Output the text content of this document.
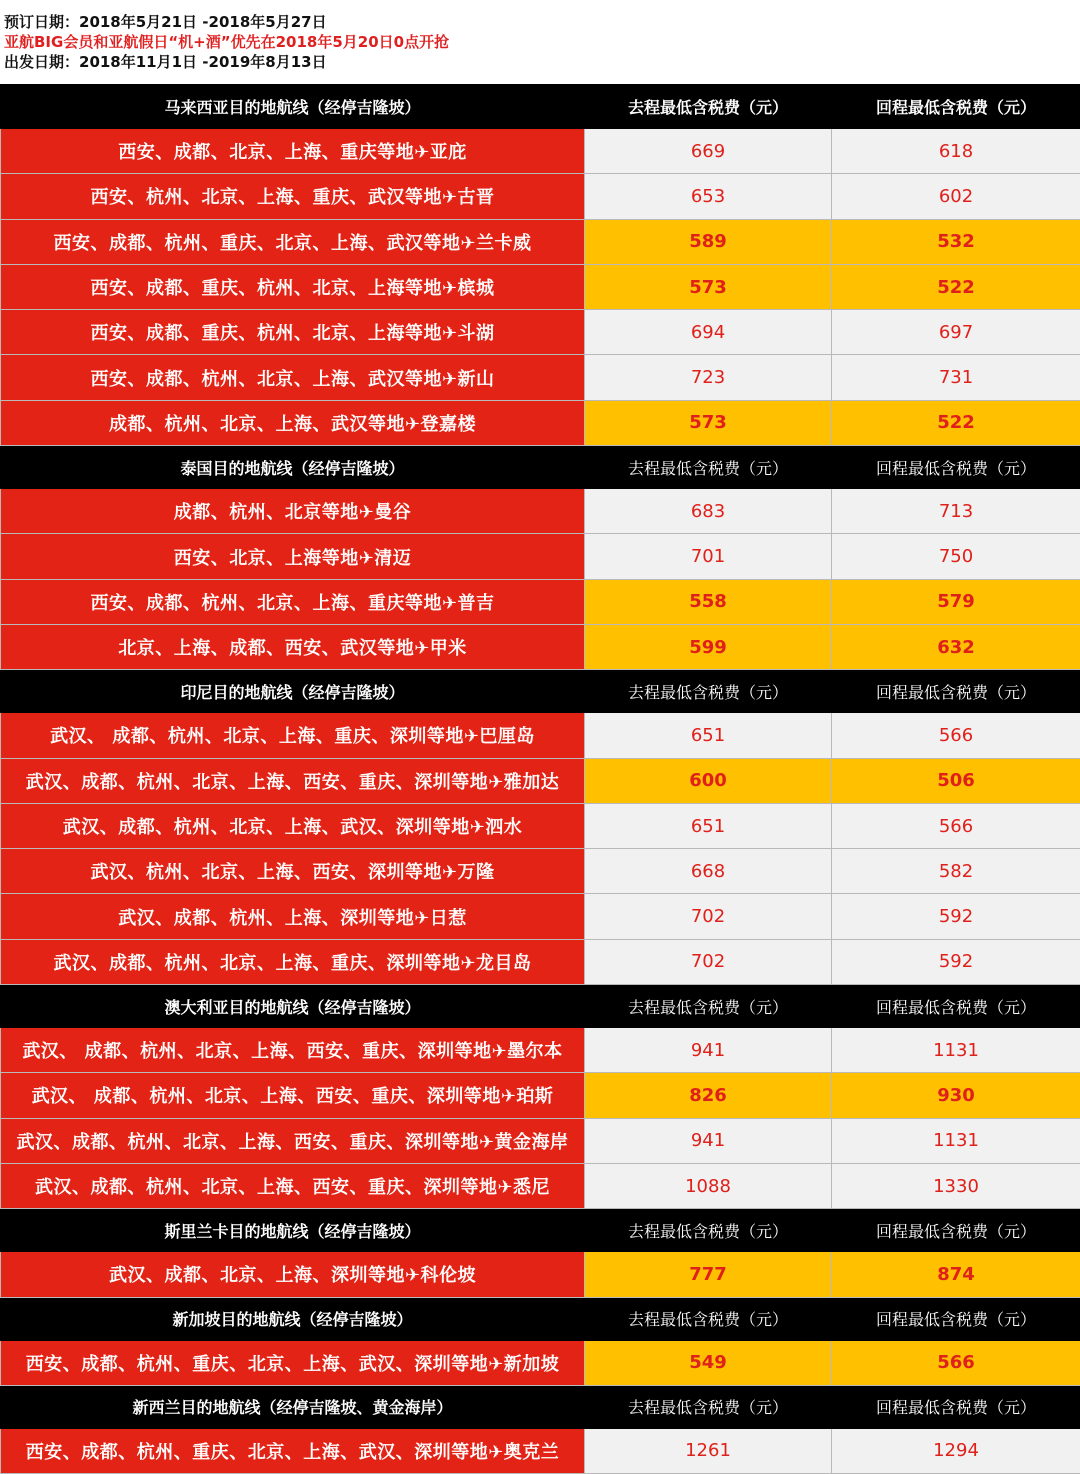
预订日期：2018年5月21日 -2018年5月27日
亚航BIG会员和亚航假日“机+酒”优先在2018年5月20日0点开抢
出发日期：2018年11月1日 -2019年8月13日
马来西亚目的地航线（经停吉隆坡）	去程最低含税费（元）	回程最低含税费（元）
西安、成都、北京、上海、重庆等地✈亚庇	669	618
西安、杭州、北京、上海、重庆、武汉等地✈古晋	653	602
西安、成都、杭州、重庆、北京、上海、武汉等地✈兰卡威	589	532
西安、成都、重庆、杭州、北京、上海等地✈槟城	573	522
西安、成都、重庆、杭州、北京、上海等地✈斗湖	694	697
西安、成都、杭州、北京、上海、武汉等地✈新山	723	731
成都、杭州、北京、上海、武汉等地✈登嘉楼	573	522
泰国目的地航线（经停吉隆坡）	去程最低含税费（元）	回程最低含税费（元）
成都、杭州、北京等地✈曼谷	683	713
西安、北京、上海等地✈清迈	701	750
西安、成都、杭州、北京、上海、重庆等地✈普吉	558	579
北京、上海、成都、西安、武汉等地✈甲米	599	632
印尼目的地航线（经停吉隆坡）	去程最低含税费（元）	回程最低含税费（元）
武汉、 成都、杭州、北京、上海、重庆、深圳等地✈巴厘岛	651	566
武汉、成都、杭州、北京、上海、西安、重庆、深圳等地✈雅加达	600	506
武汉、成都、杭州、北京、上海、武汉、深圳等地✈泗水	651	566
武汉、杭州、北京、上海、西安、深圳等地✈万隆	668	582
武汉、成都、杭州、上海、深圳等地✈日惹	702	592
武汉、成都、杭州、北京、上海、重庆、深圳等地✈龙目岛	702	592
澳大利亚目的地航线（经停吉隆坡）	去程最低含税费（元）	回程最低含税费（元）
武汉、 成都、杭州、北京、上海、西安、重庆、深圳等地✈墨尔本	941	1131
武汉、 成都、杭州、北京、上海、西安、重庆、深圳等地✈珀斯	826	930
武汉、成都、杭州、北京、上海、西安、重庆、深圳等地✈黄金海岸	941	1131
武汉、成都、杭州、北京、上海、西安、重庆、深圳等地✈悉尼	1088	1330
斯里兰卡目的地航线（经停吉隆坡）	去程最低含税费（元）	回程最低含税费（元）
武汉、成都、北京、上海、深圳等地✈科伦坡	777	874
新加坡目的地航线（经停吉隆坡）	去程最低含税费（元）	回程最低含税费（元）
西安、成都、杭州、重庆、北京、上海、武汉、深圳等地✈新加坡	549	566
新西兰目的地航线（经停吉隆坡、黄金海岸）	去程最低含税费（元）	回程最低含税费（元）
西安、成都、杭州、重庆、北京、上海、武汉、深圳等地✈奥克兰	1261	1294
